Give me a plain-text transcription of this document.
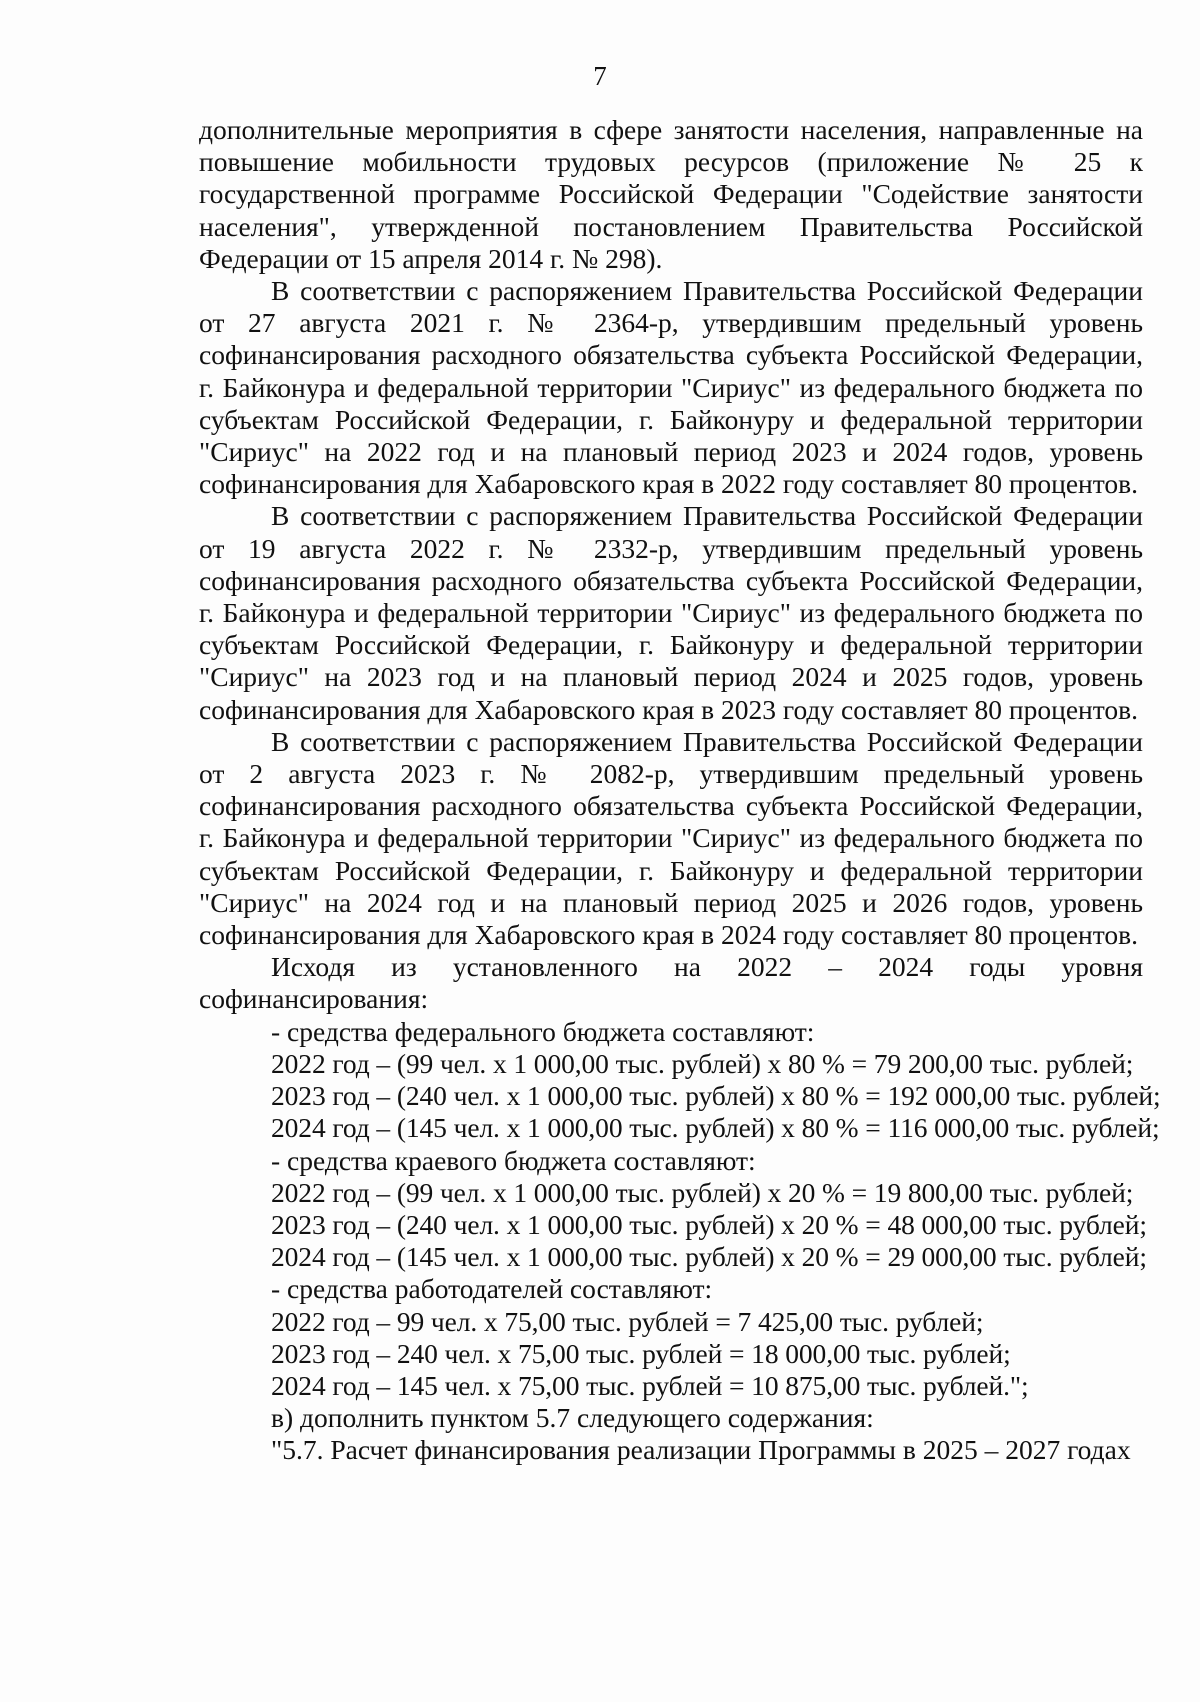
7

дополнительные мероприятия в сфере занятости населения, направленные на повышение мобильности трудовых ресурсов (приложение № 25 к государственной программе Российской Федерации "Содействие занятости населения", утвержденной постановлением Правительства Российской Федерации от 15 апреля 2014 г. № 298).

В соответствии с распоряжением Правительства Российской Федерации от 27 августа 2021 г. № 2364-р, утвердившим предельный уровень софинансирования расходного обязательства субъекта Российской Федерации, г. Байконура и федеральной территории "Сириус" из федерального бюджета по субъектам Российской Федерации, г. Байконуру и федеральной территории "Сириус" на 2022 год и на плановый период 2023 и 2024 годов, уровень софинансирования для Хабаровского края в 2022 году составляет 80 процентов.

В соответствии с распоряжением Правительства Российской Федерации от 19 августа 2022 г. № 2332-р, утвердившим предельный уровень софинансирования расходного обязательства субъекта Российской Федерации, г. Байконура и федеральной территории "Сириус" из федерального бюджета по субъектам Российской Федерации, г. Байконуру и федеральной территории "Сириус" на 2023 год и на плановый период 2024 и 2025 годов, уровень софинансирования для Хабаровского края в 2023 году составляет 80 процентов.

В соответствии с распоряжением Правительства Российской Федерации от 2 августа 2023 г. № 2082-р, утвердившим предельный уровень софинансирования расходного обязательства субъекта Российской Федерации, г. Байконура и федеральной территории "Сириус" из федерального бюджета по субъектам Российской Федерации, г. Байконуру и федеральной территории "Сириус" на 2024 год и на плановый период 2025 и 2026 годов, уровень софинансирования для Хабаровского края в 2024 году составляет 80 процентов.

Исходя из установленного на 2022 – 2024 годы уровня софинансирования:

- средства федерального бюджета составляют:

2022 год – (99 чел. x 1 000,00 тыс. рублей) x 80 % = 79 200,00 тыс. рублей;

2023 год – (240 чел. x 1 000,00 тыс. рублей) x 80 % = 192 000,00 тыс. рублей;

2024 год – (145 чел. x 1 000,00 тыс. рублей) x 80 % = 116 000,00 тыс. рублей;

- средства краевого бюджета составляют:

2022 год – (99 чел. x 1 000,00 тыс. рублей) x 20 % = 19 800,00 тыс. рублей;

2023 год – (240 чел. x 1 000,00 тыс. рублей) x 20 % = 48 000,00 тыс. рублей;

2024 год – (145 чел. x 1 000,00 тыс. рублей) x 20 % = 29 000,00 тыс. рублей;

- средства работодателей составляют:

2022 год – 99 чел. x 75,00 тыс. рублей = 7 425,00 тыс. рублей;

2023 год – 240 чел. x 75,00 тыс. рублей = 18 000,00 тыс. рублей;

2024 год – 145 чел. x 75,00 тыс. рублей = 10 875,00 тыс. рублей.";

в) дополнить пунктом 5.7 следующего содержания:

"5.7. Расчет финансирования реализации Программы в 2025 – 2027 годах
